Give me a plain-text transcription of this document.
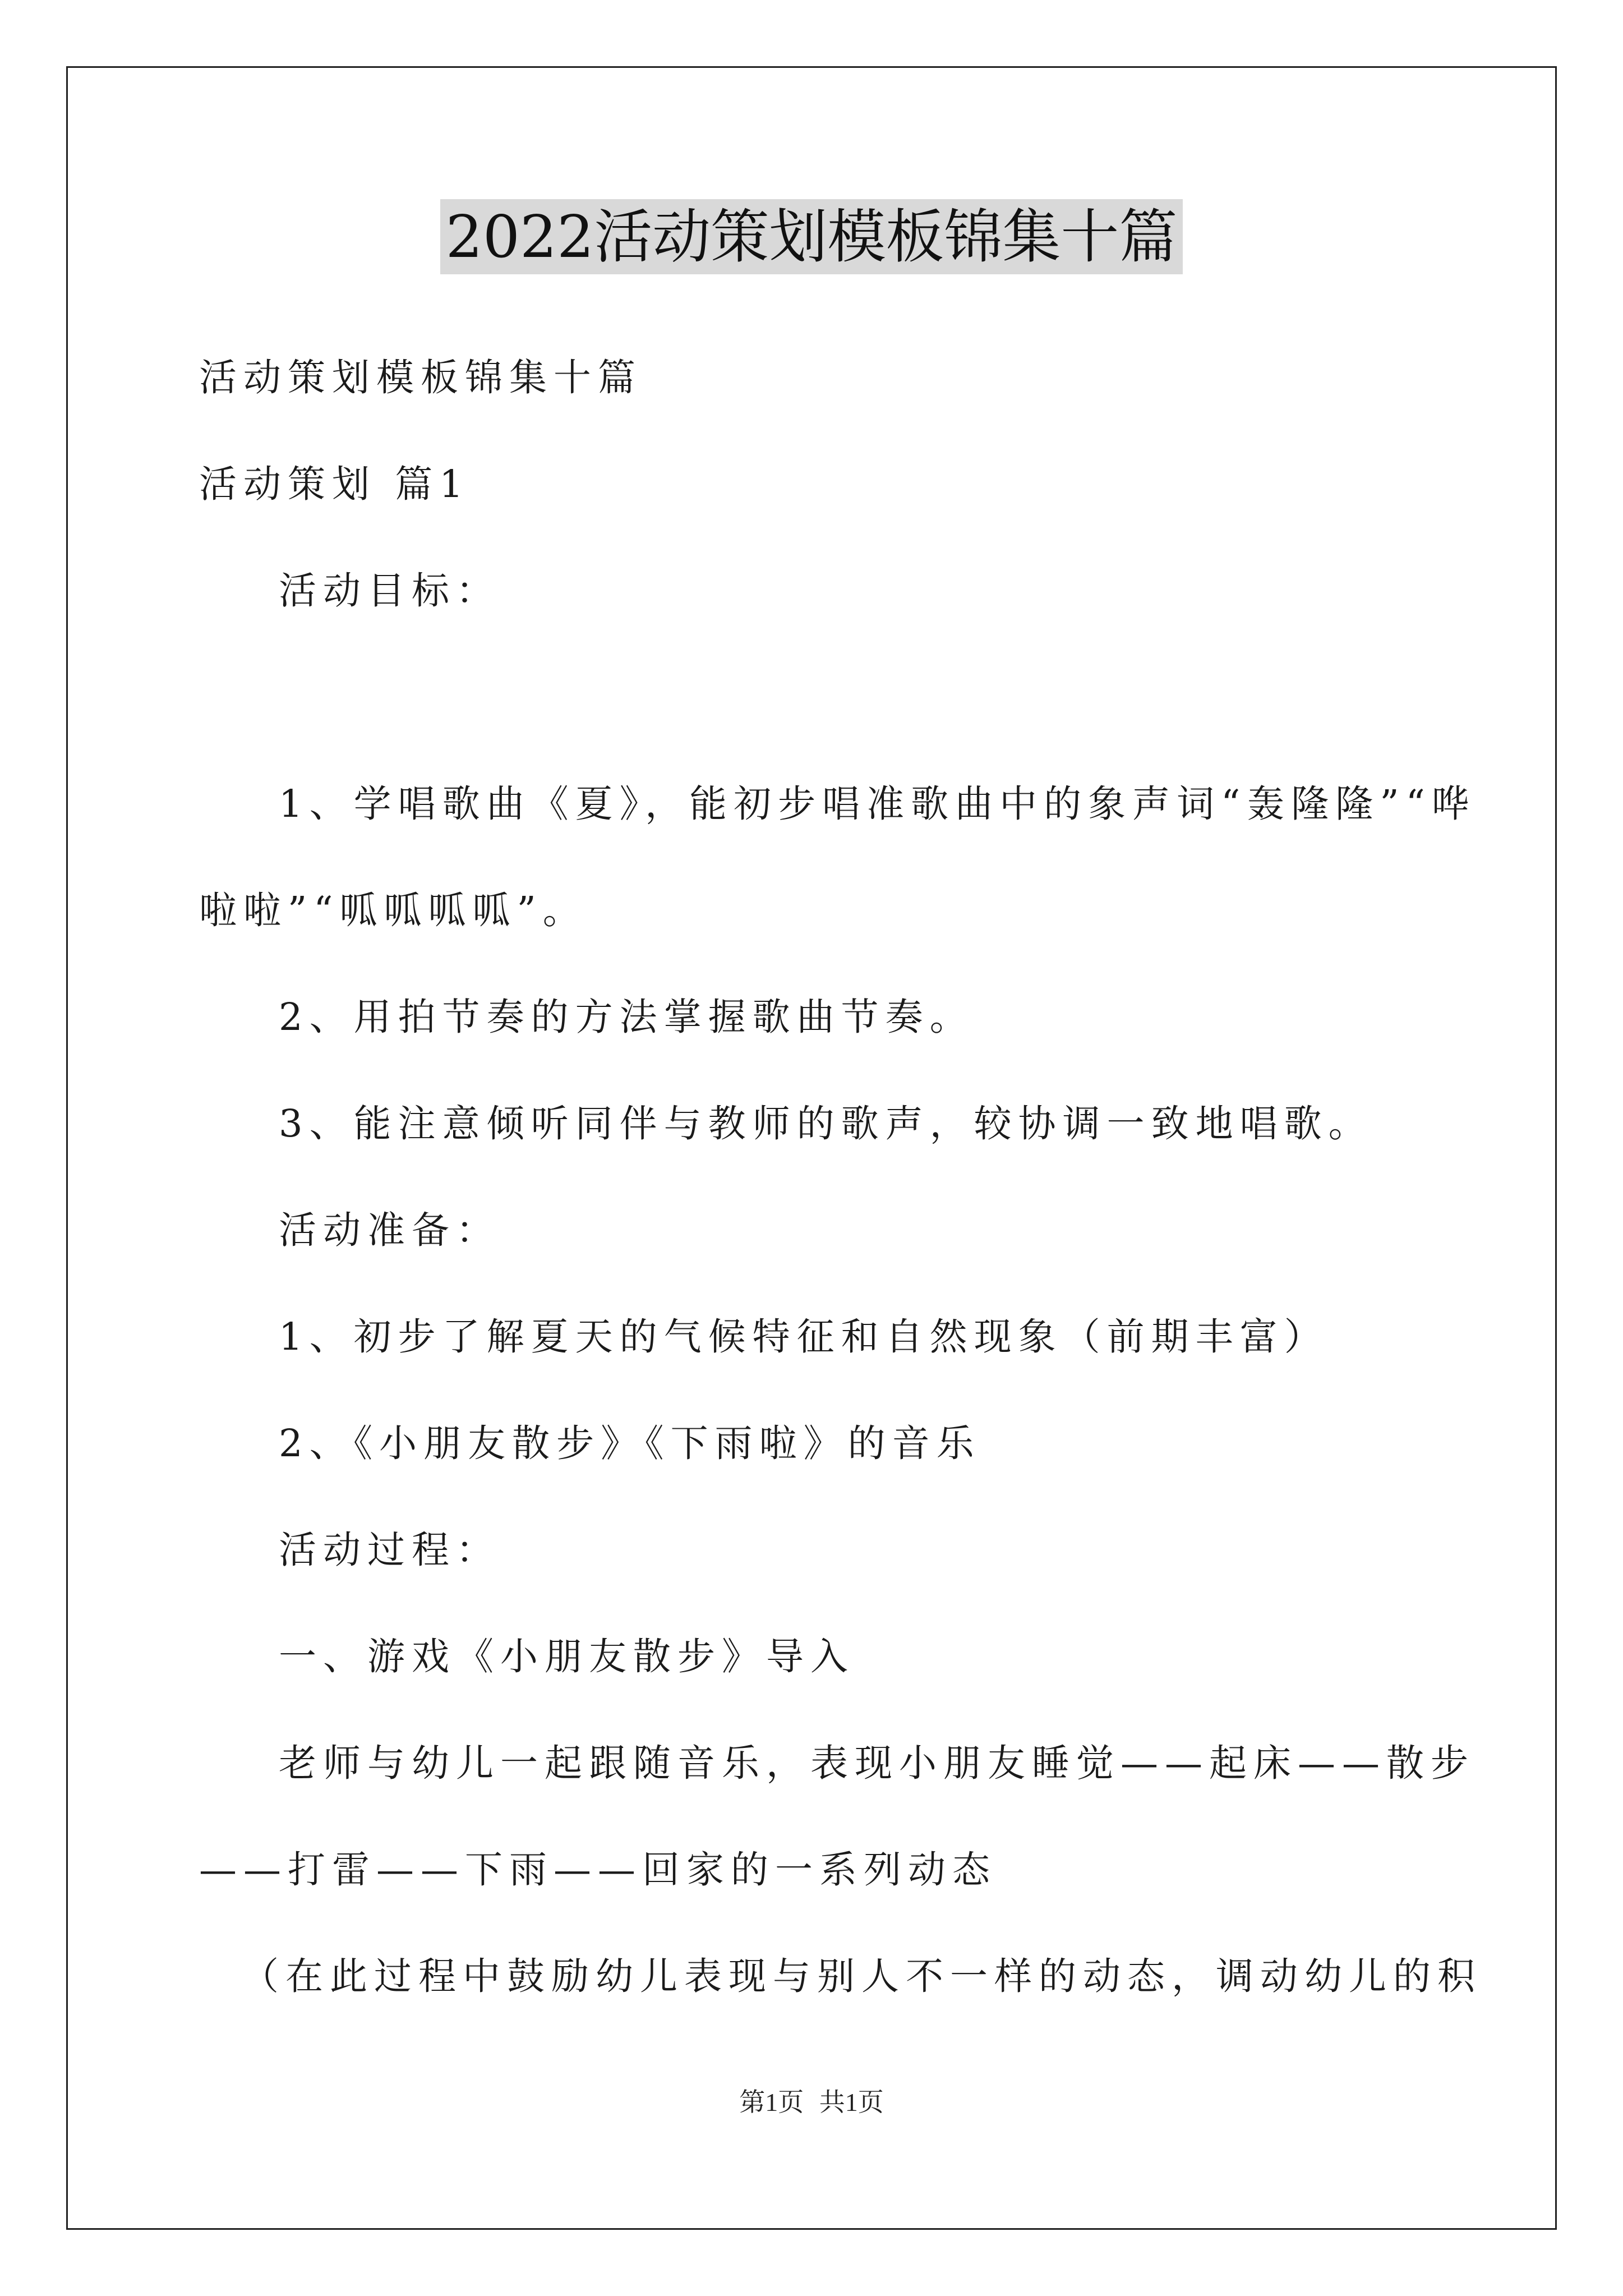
2022活动策划模板锦集十篇
活动策划模板锦集十篇
活动策划 篇1
活动目标：
1、学唱歌曲《夏》，能初步唱准歌曲中的象声词“轰隆隆”“哗
啦啦”“呱呱呱呱”。
2、用拍节奏的方法掌握歌曲节奏。
3、能注意倾听同伴与教师的歌声，较协调一致地唱歌。
活动准备：
1、初步了解夏天的气候特征和自然现象（前期丰富）
2、《小朋友散步》《下雨啦》的音乐
活动过程：
一、游戏《小朋友散步》导入
老师与幼儿一起跟随音乐，表现小朋友睡觉——起床——散步
——打雷——下雨——回家的一系列动态
（在此过程中鼓励幼儿表现与别人不一样的动态，调动幼儿的积
第1页 共1页
